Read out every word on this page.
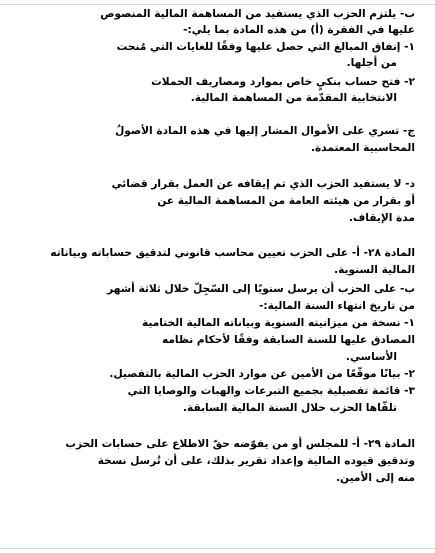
ب- يلتزم الحزب الذي يستفيد من المساهمة المالية المنصوص
عليها في الفقرة (أ) من هذه المادة بما يلي:-
١- إنفاق المبالغ التي حصل عليها وفقًا للغايات التي مُنحت
من أجلها.
٢- فتح حساب بنكيٍ خاص بموارد ومصاريف الحملات
الانتخابية المقدّمة من المساهمة المالية.
ج- تسري على الأموال المشار إليها في هذه المادة الأصولُ
المحاسبية المعتمدة.
د- لا يستفيد الحزب الذي تم إيقافه عن العمل بقرار قضائي
أو بقرار من هيئته العامة من المساهمة المالية عن
مدة الإيقاف.
المادة ٢٨- أ- على الحزب تعيين محاسب قانوني لتدقيق حساباته وبياناته
المالية السنوية.
ب- على الحزب أن يرسل سنويًا إلى السّجِلّ خلال ثلاثة أشهر
من تاريخ انتهاء السنة المالية:-
١- نسخة من ميزانيته السنوية وبياناته المالية الختامية
المصادق عليها للسنة السابقة وفقًا لأحكام نظامه
الأساسي.
٢- بيانًا موقّعًا من الأمين عن موارد الحزب المالية بالتفصيل.
٣- قائمة تفصيلية بجميع التبرعات والهبات والوصايا التي
تلقّاها الحزب خلال السنة المالية السابقة.
المادة ٢٩- أ- للمجلس أو من يفوّضه حقّ الاطلاع على حسابات الحزب
وتدقيق قيوده المالية وإعداد تقرير بذلك، على أن تُرسل نسخة
منه إلى الأمين.
